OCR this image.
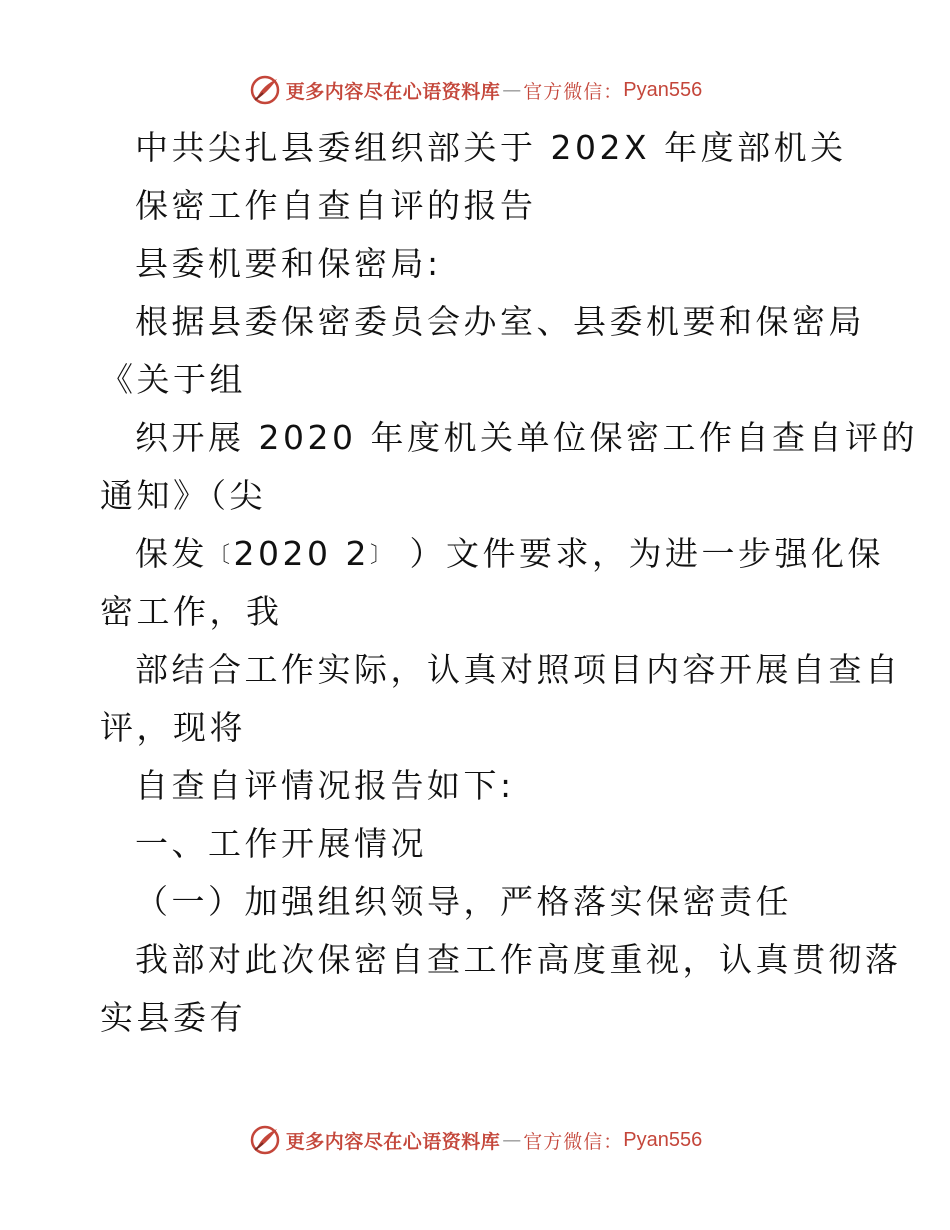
更多内容尽在心语资料库 — 官方微信： Pyan556
中共尖扎县委组织部关于 202X 年度部机关
保密工作自查自评的报告
县委机要和保密局:
根据县委保密委员会办室、县委机要和保密局
《关于组
织开展 2020 年度机关单位保密工作自查自评的
通知》（尖
保发〔2020 2〕 ）文件要求，为进一步强化保
密工作，我
部结合工作实际，认真对照项目内容开展自查自
评，现将
自查自评情况报告如下:
一、工作开展情况
（一）加强组织领导，严格落实保密责任
我部对此次保密自查工作高度重视，认真贯彻落
实县委有
更多内容尽在心语资料库 — 官方微信： Pyan556
